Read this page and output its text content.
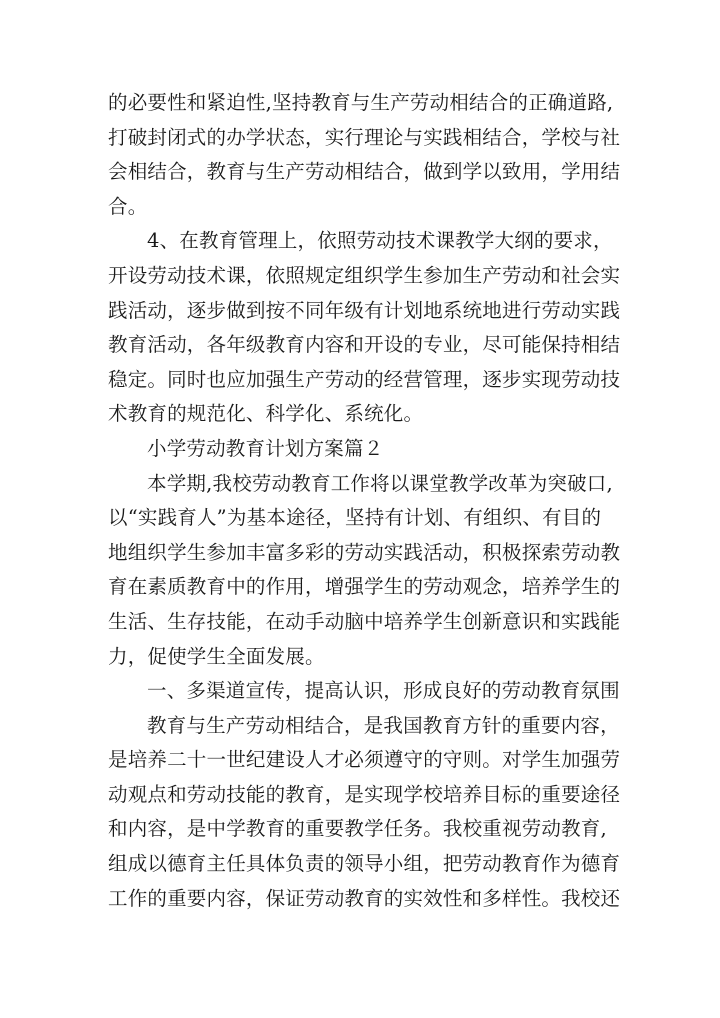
的必要性和紧迫性,坚持教育与生产劳动相结合的正确道路,
打破封闭式的办学状态，实行理论与实践相结合，学校与社
会相结合，教育与生产劳动相结合，做到学以致用，学用结
合。
4、在教育管理上，依照劳动技术课教学大纲的要求，
开设劳动技术课，依照规定组织学生参加生产劳动和社会实
践活动，逐步做到按不同年级有计划地系统地进行劳动实践
教育活动，各年级教育内容和开设的专业，尽可能保持相结
稳定。同时也应加强生产劳动的经营管理，逐步实现劳动技
术教育的规范化、科学化、系统化。
小学劳动教育计划方案篇２
本学期,我校劳动教育工作将以课堂教学改革为突破口,
以“实践育人”为基本途径，坚持有计划、有组织、有目的
地组织学生参加丰富多彩的劳动实践活动，积极探索劳动教
育在素质教育中的作用，增强学生的劳动观念，培养学生的
生活、生存技能，在动手动脑中培养学生创新意识和实践能
力，促使学生全面发展。
一、多渠道宣传，提高认识，形成良好的劳动教育氛围
教育与生产劳动相结合，是我国教育方针的重要内容，
是培养二十一世纪建设人才必须遵守的守则。对学生加强劳
动观点和劳动技能的教育，是实现学校培养目标的重要途径
和内容，是中学教育的重要教学任务。我校重视劳动教育,
组成以德育主任具体负责的领导小组，把劳动教育作为德育
工作的重要内容，保证劳动教育的实效性和多样性。我校还
